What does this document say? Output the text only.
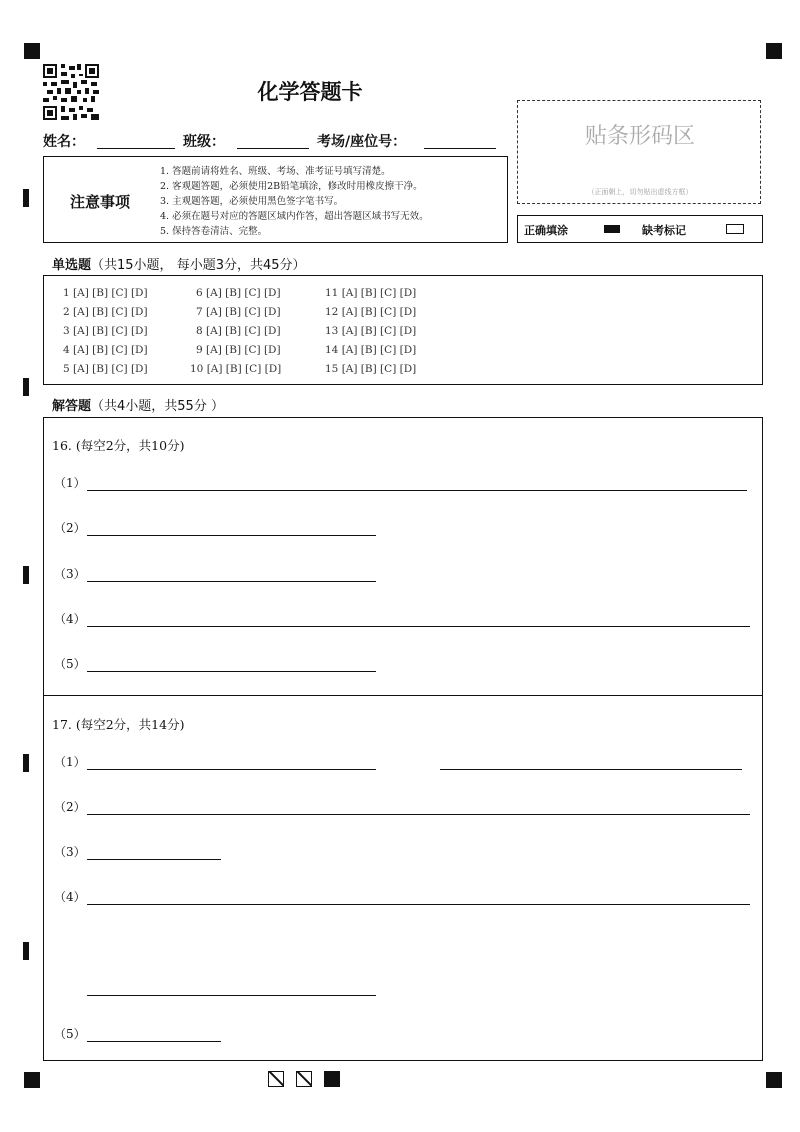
化学答题卡
姓名：	班级：	考场/座位号：	贴条形码区
（正面朝上，切勿贴出虚线方框）
注意事项
1. 答题前请将姓名、班级、考场、准考证号填写清楚。
2. 客观题答题，必须使用2B铅笔填涂，修改时用橡皮擦干净。
3. 主观题答题，必须使用黑色签字笔书写。
4. 必须在题号对应的答题区域内作答，超出答题区域书写无效。
5. 保持答卷清洁、完整。	正确填涂	缺考标记
单选题（共15小题， 每小题3分，共45分）
1 [A] [B] [C] [D]
2 [A] [B] [C] [D]
3 [A] [B] [C] [D]
4 [A] [B] [C] [D]
5 [A] [B] [C] [D]
6 [A] [B] [C] [D]
7 [A] [B] [C] [D]
8 [A] [B] [C] [D]
9 [A] [B] [C] [D]
10 [A] [B] [C] [D]
11 [A] [B] [C] [D]
12 [A] [B] [C] [D]
13 [A] [B] [C] [D]
14 [A] [B] [C] [D]
15 [A] [B] [C] [D]
解答题（共4小题，共55分 ）
16. (每空2分，共10分)
（1）
（2）
（3）
（4）
（5）
17. (每空2分，共14分)
（1）
（2）
（3）
（4）
（5）
